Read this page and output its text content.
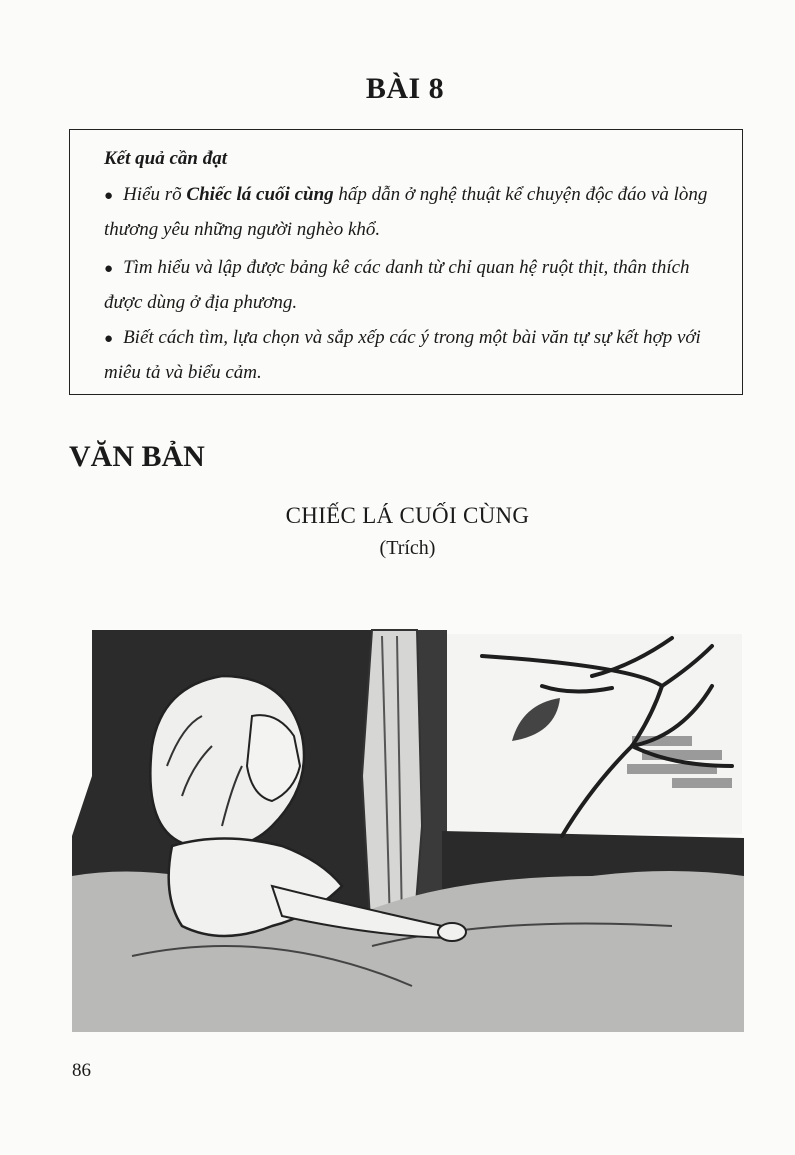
BÀI 8
Kết quả cần đạt
● Hiểu rõ Chiếc lá cuối cùng hấp dẫn ở nghệ thuật kể chuyện độc đáo và lòng thương yêu những người nghèo khổ.
● Tìm hiểu và lập được bảng kê các danh từ chỉ quan hệ ruột thịt, thân thích được dùng ở địa phương.
● Biết cách tìm, lựa chọn và sắp xếp các ý trong một bài văn tự sự kết hợp với miêu tả và biểu cảm.
VĂN BẢN
CHIẾC LÁ CUỐI CÙNG
(Trích)
86
